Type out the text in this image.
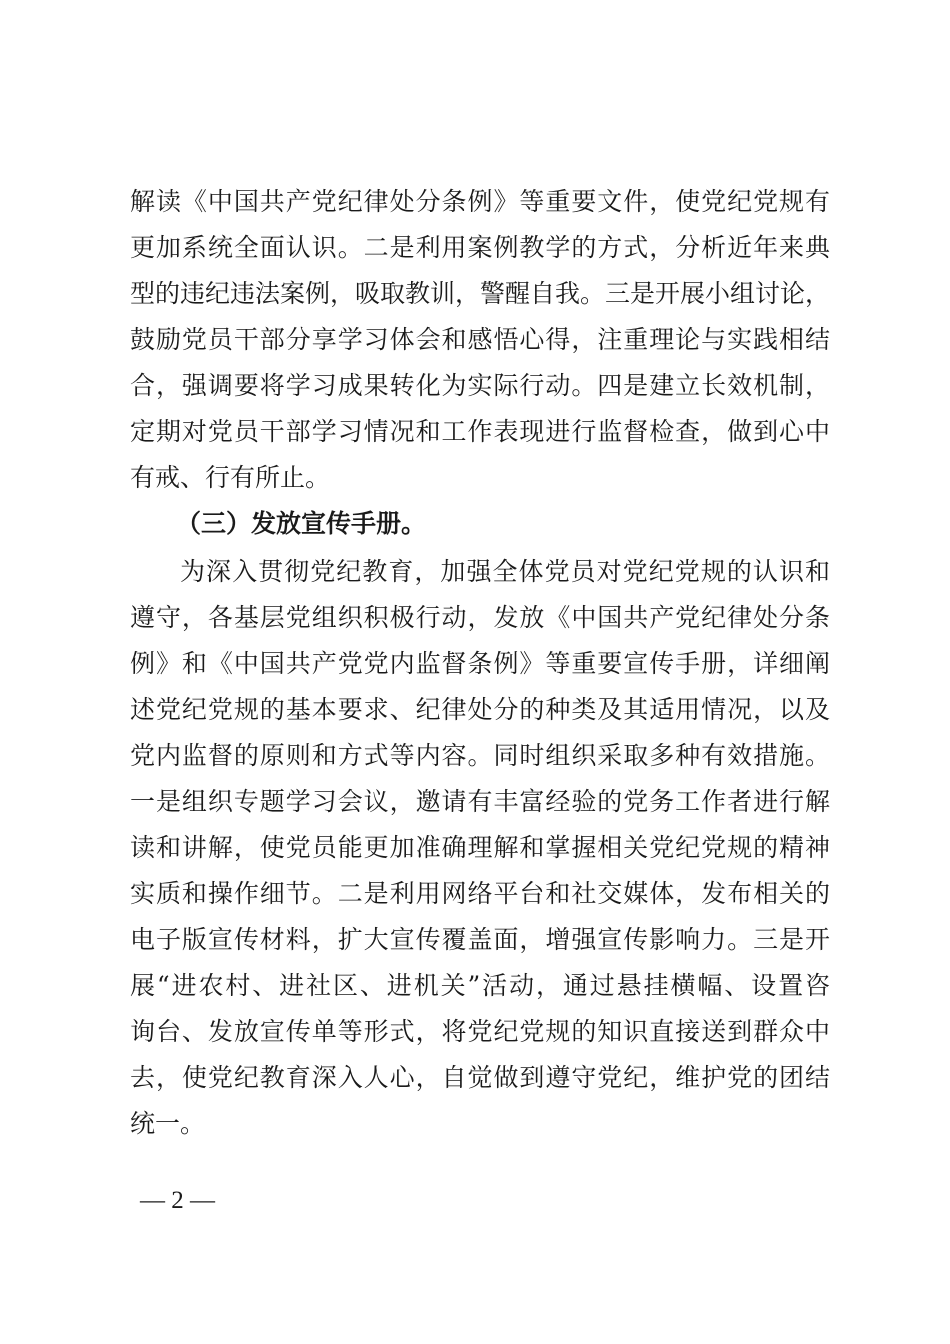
解读《中国共产党纪律处分条例》等重要文件，使党纪党规有
更加系统全面认识。二是利用案例教学的方式，分析近年来典
型的违纪违法案例，吸取教训，警醒自我。三是开展小组讨论，
鼓励党员干部分享学习体会和感悟心得，注重理论与实践相结
合，强调要将学习成果转化为实际行动。四是建立长效机制，
定期对党员干部学习情况和工作表现进行监督检查，做到心中
有戒、行有所止。
（三）发放宣传手册。
为深入贯彻党纪教育，加强全体党员对党纪党规的认识和
遵守，各基层党组织积极行动，发放《中国共产党纪律处分条
例》和《中国共产党党内监督条例》等重要宣传手册，详细阐
述党纪党规的基本要求、纪律处分的种类及其适用情况，以及
党内监督的原则和方式等内容。同时组织采取多种有效措施。
一是组织专题学习会议，邀请有丰富经验的党务工作者进行解
读和讲解，使党员能更加准确理解和掌握相关党纪党规的精神
实质和操作细节。二是利用网络平台和社交媒体，发布相关的
电子版宣传材料，扩大宣传覆盖面，增强宣传影响力。三是开
展“进农村、进社区、进机关”活动，通过悬挂横幅、设置咨
询台、发放宣传单等形式，将党纪党规的知识直接送到群众中
去，使党纪教育深入人心，自觉做到遵守党纪，维护党的团结
统一。
— 2 —
